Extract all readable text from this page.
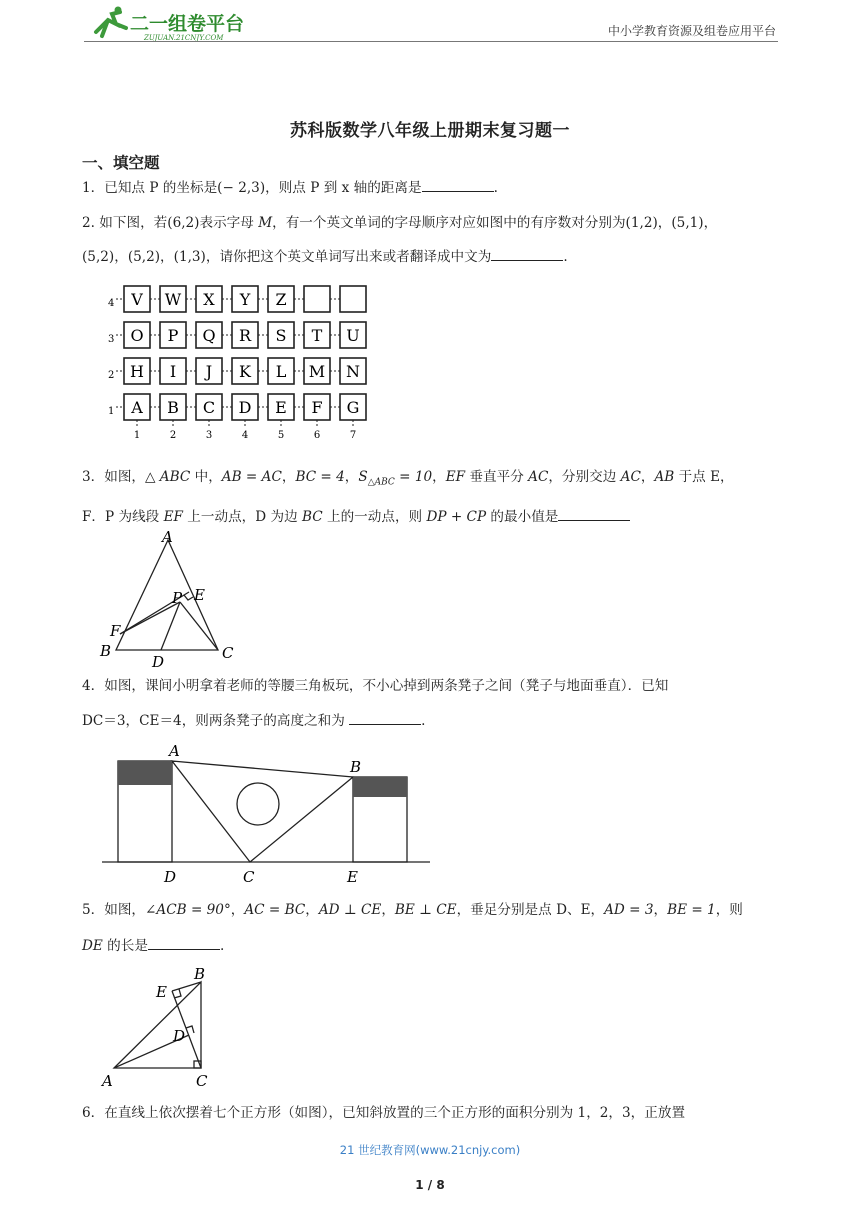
二一组卷平台
ZUJUAN.21CNJY.COM	中小学教育资源及组卷应用平台
苏科版数学八年级上册期末复习题一
一、填空题
1．已知点 P 的坐标是(− 2,3)，则点 P 到 x 轴的距离是	.
2. 如下图，若(6,2)表示字母 M，有一个英文单词的字母顺序对应如图中的有序数对分别为(1,2)，(5,1)，
(5,2)，(5,2)，(1,3)，请你把这个英文单词写出来或者翻译成中文为	.
4 V W X Y Z
3 O P Q R S T U
2 H I J K L M N
1 A B C D E F G
1	2	3	4	5	6	7
3．如图，△ ABC 中，AB = AC，BC = 4，$S_{\triangle ABC} = 10$，EF 垂直平分 AC，分别交边 AC，AB 于点 E，
F．P 为线段 EF 上一动点，D 为边 BC 上的一动点，则 DP + CP 的最小值是
A
B	C
D
E
F
P
4．如图，课间小明拿着老师的等腰三角板玩，不小心掉到两条凳子之间（凳子与地面垂直）．已知
DC＝3，CE＝4，则两条凳子的高度之和为	.
A
B
C
D	E
5．如图，∠ACB = 90°，AC = BC，AD ⊥ CE，BE ⊥ CE，垂足分别是点 D、E，AD = 3，BE = 1，则
DE 的长是	.
B
E
D
A	C
6．在直线上依次摆着七个正方形（如图），已知斜放置的三个正方形的面积分别为 1，2，3，正放置
21 世纪教育网(www.21cnjy.com)
1 / 8
